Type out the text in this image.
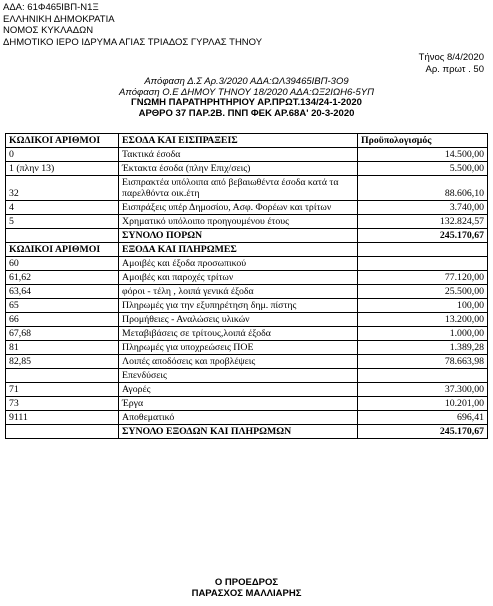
ΑΔΑ: 61Φ465ΙΒΠ-Ν1Ξ
ΕΛΛΗΝΙΚΗ ΔΗΜΟΚΡΑΤΙΑ
ΝΟΜΟΣ ΚΥΚΛΑΔΩΝ
ΔΗΜΟΤΙΚΟ ΙΕΡΟ ΙΔΡΥΜΑ ΑΓΙΑΣ ΤΡΙΑΔΟΣ ΓΥΡΛΑΣ ΤΗΝΟΥ
Τήνος 8/4/2020
Αρ. πρωτ . 50
Απόφαση Δ.Σ Αρ.3/2020 ΑΔΑ:ΩΛ39465ΙΒΠ-3Ο9
Απόφαση Ο.Ε ΔΗΜΟΥ ΤΗΝΟΥ 18/2020 ΑΔΑ:ΩΞ2ΙΩΗ6-5ΥΠ
ΓΝΩΜΗ ΠΑΡΑΤΗΡΗΤΗΡΙΟΥ ΑΡ.ΠΡΩΤ.134/24-1-2020
ΑΡΘΡΟ 37 ΠΑΡ.2Β. ΠΝΠ ΦΕΚ ΑΡ.68Α' 20-3-2020
ΚΩΔΙΚΟΙ ΑΡΙΘΜΟΙ	ΕΣΟΔΑ ΚΑΙ ΕΙΣΠΡΑΞΕΙΣ	Προϋπολογισμός
0	Τακτικά έσοδα	14.500,00
1 (πλην 13)	Έκτακτα έσοδα (πλην Επιχ/σεις)	5.500,00
32	Εισπρακτέα υπόλοιπα από βεβαιωθέντα έσοδα κατά τα παρελθόντα οικ.έτη	88.606,10
4	Εισπράξεις υπέρ Δημοσίου, Ασφ. Φορέων και τρίτων	3.740,00
5	Χρηματικό υπόλοιπο προηγουμένου έτους	132.824,57
	ΣΥΝΟΛΟ ΠΟΡΩΝ	245.170,67
ΚΩΔΙΚΟΙ ΑΡΙΘΜΟΙ	ΕΞΟΔΑ ΚΑΙ ΠΛΗΡΩΜΕΣ	
60	Αμοιβές και έξοδα προσωπικού	
61,62	Αμοιβές και παροχές τρίτων	77.120,00
63,64	φόροι - τέλη , λοιπά γενικά έξοδα	25.500,00
65	Πληρωμές για την εξυπηρέτηση δημ. πίστης	100,00
66	Προμήθειες - Αναλώσεις υλικών	13.200,00
67,68	Μεταβιβάσεις σε τρίτους,λοιπά έξοδα	1.000,00
81	Πληρωμές για υποχρεώσεις ΠΟΕ	1.389,28
82,85	Λοιπές αποδόσεις και προβλέψεις	78.663,98
	Επενδύσεις	
71	Αγορές	37.300,00
73	Έργα	10.201,00
9111	Αποθεματικό	696,41
	ΣΥΝΟΛΟ ΕΞΟΔΩΝ ΚΑΙ ΠΛΗΡΩΜΩΝ	245.170,67
Ο ΠΡΟΕΔΡΟΣ
ΠΑΡΑΣΧΟΣ ΜΑΛΛΙΑΡΗΣ
